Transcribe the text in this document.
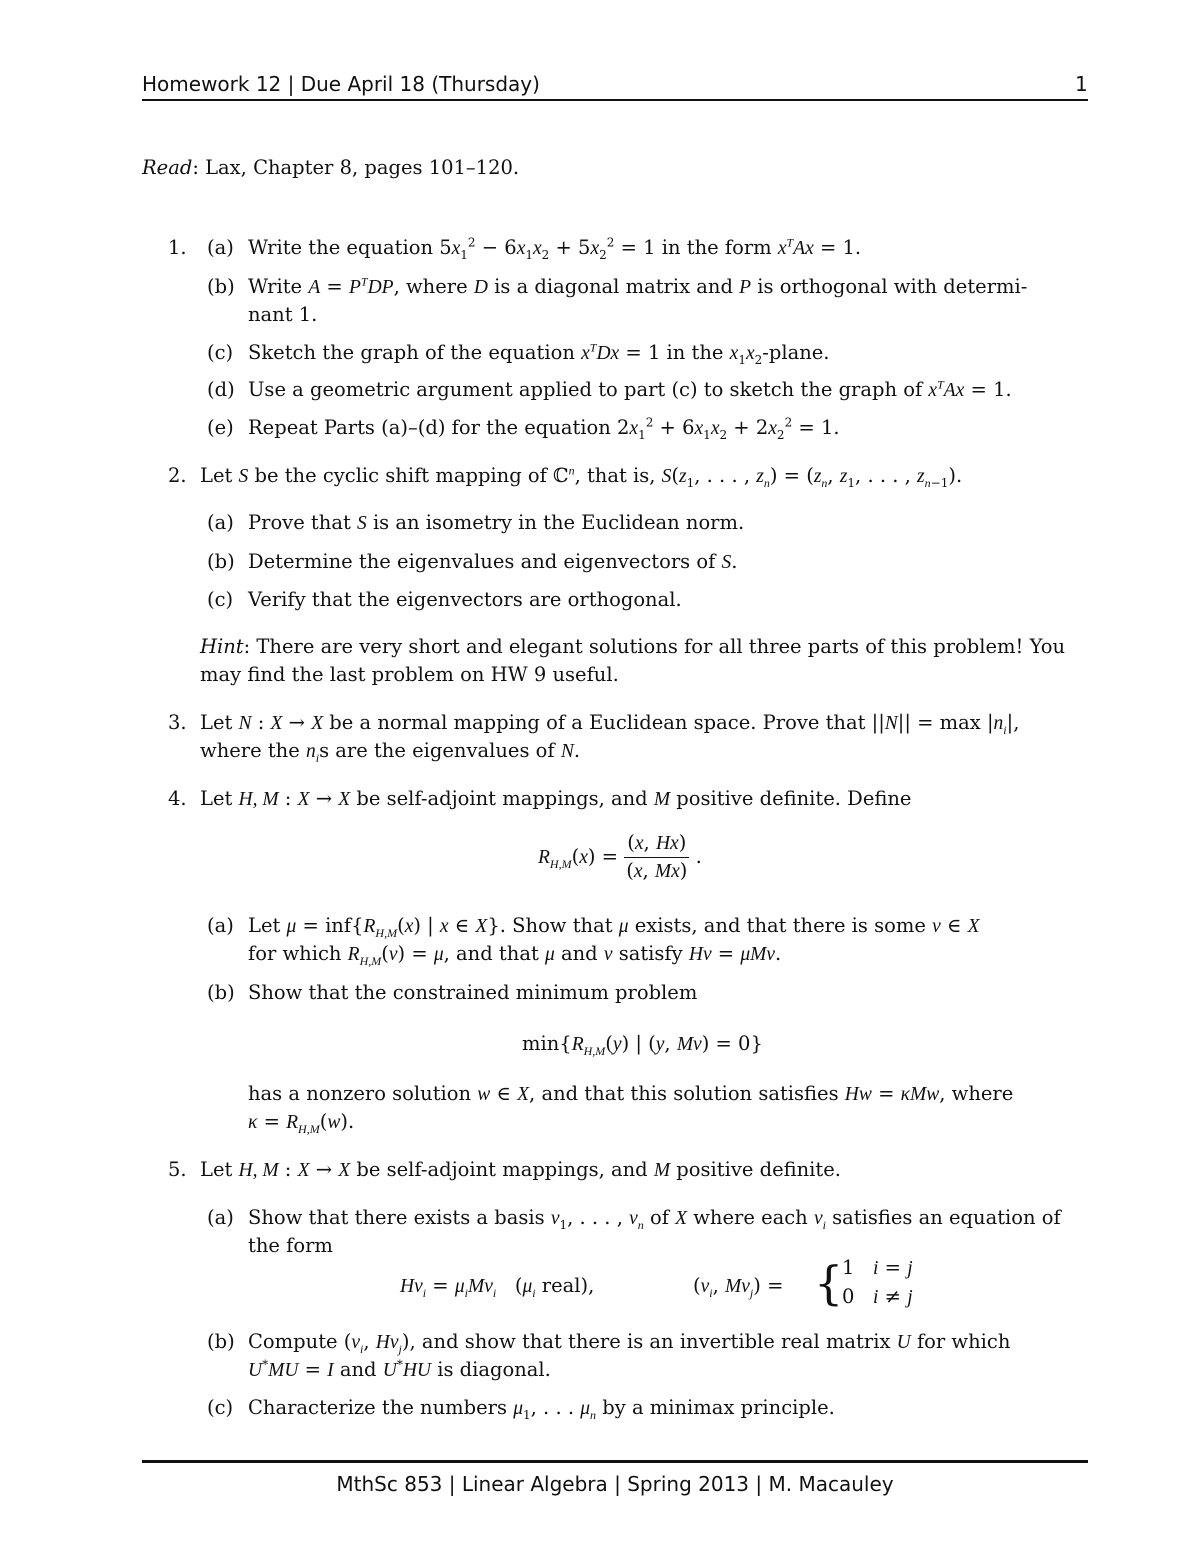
Homework 12 | Due April 18 (Thursday)	1
Read: Lax, Chapter 8, pages 101–120.
1. (a) Write the equation $5x_1^2 - 6x_1x_2 + 5x_2^2 = 1$ in the form $x^TAx = 1$.
(b) Write $A = P^TDP$, where D is a diagonal matrix and P is orthogonal with determi-
nant 1.
(c) Sketch the graph of the equation $x^TDx = 1$ in the $x_1x_2$-plane.
(d) Use a geometric argument applied to part (c) to sketch the graph of $x^TAx = 1$.
(e) Repeat Parts (a)–(d) for the equation $2x_1^2 + 6x_1x_2 + 2x_2^2 = 1$.
2. Let S be the cyclic shift mapping of ℂ$^n$, that is, $S(z_1$, . . . , $z_n) = (z_n$, $z_1$, . . . , $z_{n-1}$).
(a) Prove that S is an isometry in the Euclidean norm.
(b) Determine the eigenvalues and eigenvectors of S.
(c) Verify that the eigenvectors are orthogonal.
Hint: There are very short and elegant solutions for all three parts of this problem! You
may find the last problem on HW 9 useful.
3. Let N : X → X be a normal mapping of a Euclidean space. Prove that $||N|| = \max |n_i|$,
where the $n_is$ are the eigenvalues of N.
4. Let H, M : X → X be self-adjoint mappings, and M positive definite. Define
$R_{H,M}(x) = \frac{(x, Hx)}{(x, Mx)}$ .
(a) Let $\mu = inf\{R_{H,M}(x)$ | x ∈ X}. Show that μ exists, and that there is some v ∈ X
for which $R_{H,M}(v) = \mu$, and that μ and v satisfy Hv = μMv.
(b) Show that the constrained minimum problem
$\min\{R_{H,M}(y)$ | (y, Mv) = 0}
has a nonzero solution w ∈ X, and that this solution satisfies Hw = κMw, where
$\kappa = R_{H,M}(w)$.
5. Let H, M : X → X be self-adjoint mappings, and M positive definite.
(a) Show that there exists a basis $v_1$, . . . , $v_n$ of X where each $v_i$ satisfies an equation of
the form
$Hv_i = \mu_iMv_i$   ($\mu_i$ real),	($v_i$, $Mv_j$) = {
1   i = j
0   i ≠ j
(b) Compute ($v_i$, $Hv_j$), and show that there is an invertible real matrix U for which
U*MU = I and U*HU is diagonal.
(c) Characterize the numbers $\mu_1$, . . . $\mu_n$ by a minimax principle.
MthSc 853 | Linear Algebra | Spring 2013 | M. Macauley
